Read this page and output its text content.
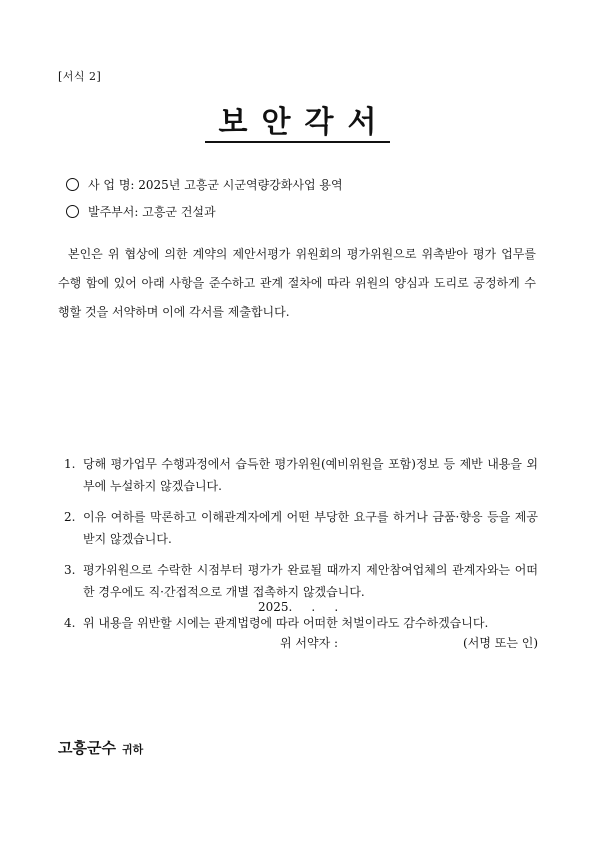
[서식 2]
보안각서
사 업 명: 2025년 고흥군 시군역량강화사업 용역
발주부서: 고흥군 건설과

본인은 위 협상에 의한 계약의 제안서평가 위원회의 평가위원으로 위촉받아 평가 업무를 수행 함에 있어 아래 사항을 준수하고 관계 절차에 따라 위원의 양심과 도리로 공정하게 수행할 것을 서약하며 이에 각서를 제출합니다.

1. 당해 평가업무 수행과정에서 습득한 평가위원(예비위원을 포함)정보 등 제반 내용을 외부에 누설하지 않겠습니다.
2. 이유 여하를 막론하고 이해관계자에게 어떤 부당한 요구를 하거나 금품·향응 등을 제공받지 않겠습니다.
3. 평가위원으로 수락한 시점부터 평가가 완료될 때까지 제안참여업체의 관계자와는 어떠한 경우에도 직·간접적으로 개별 접촉하지 않겠습니다.
4. 위 내용을 위반할 시에는 관계법령에 따라 어떠한 처벌이라도 감수하겠습니다.
2025.     .     .
위 서약자 :	(서명 또는 인)
고흥군수 귀하
